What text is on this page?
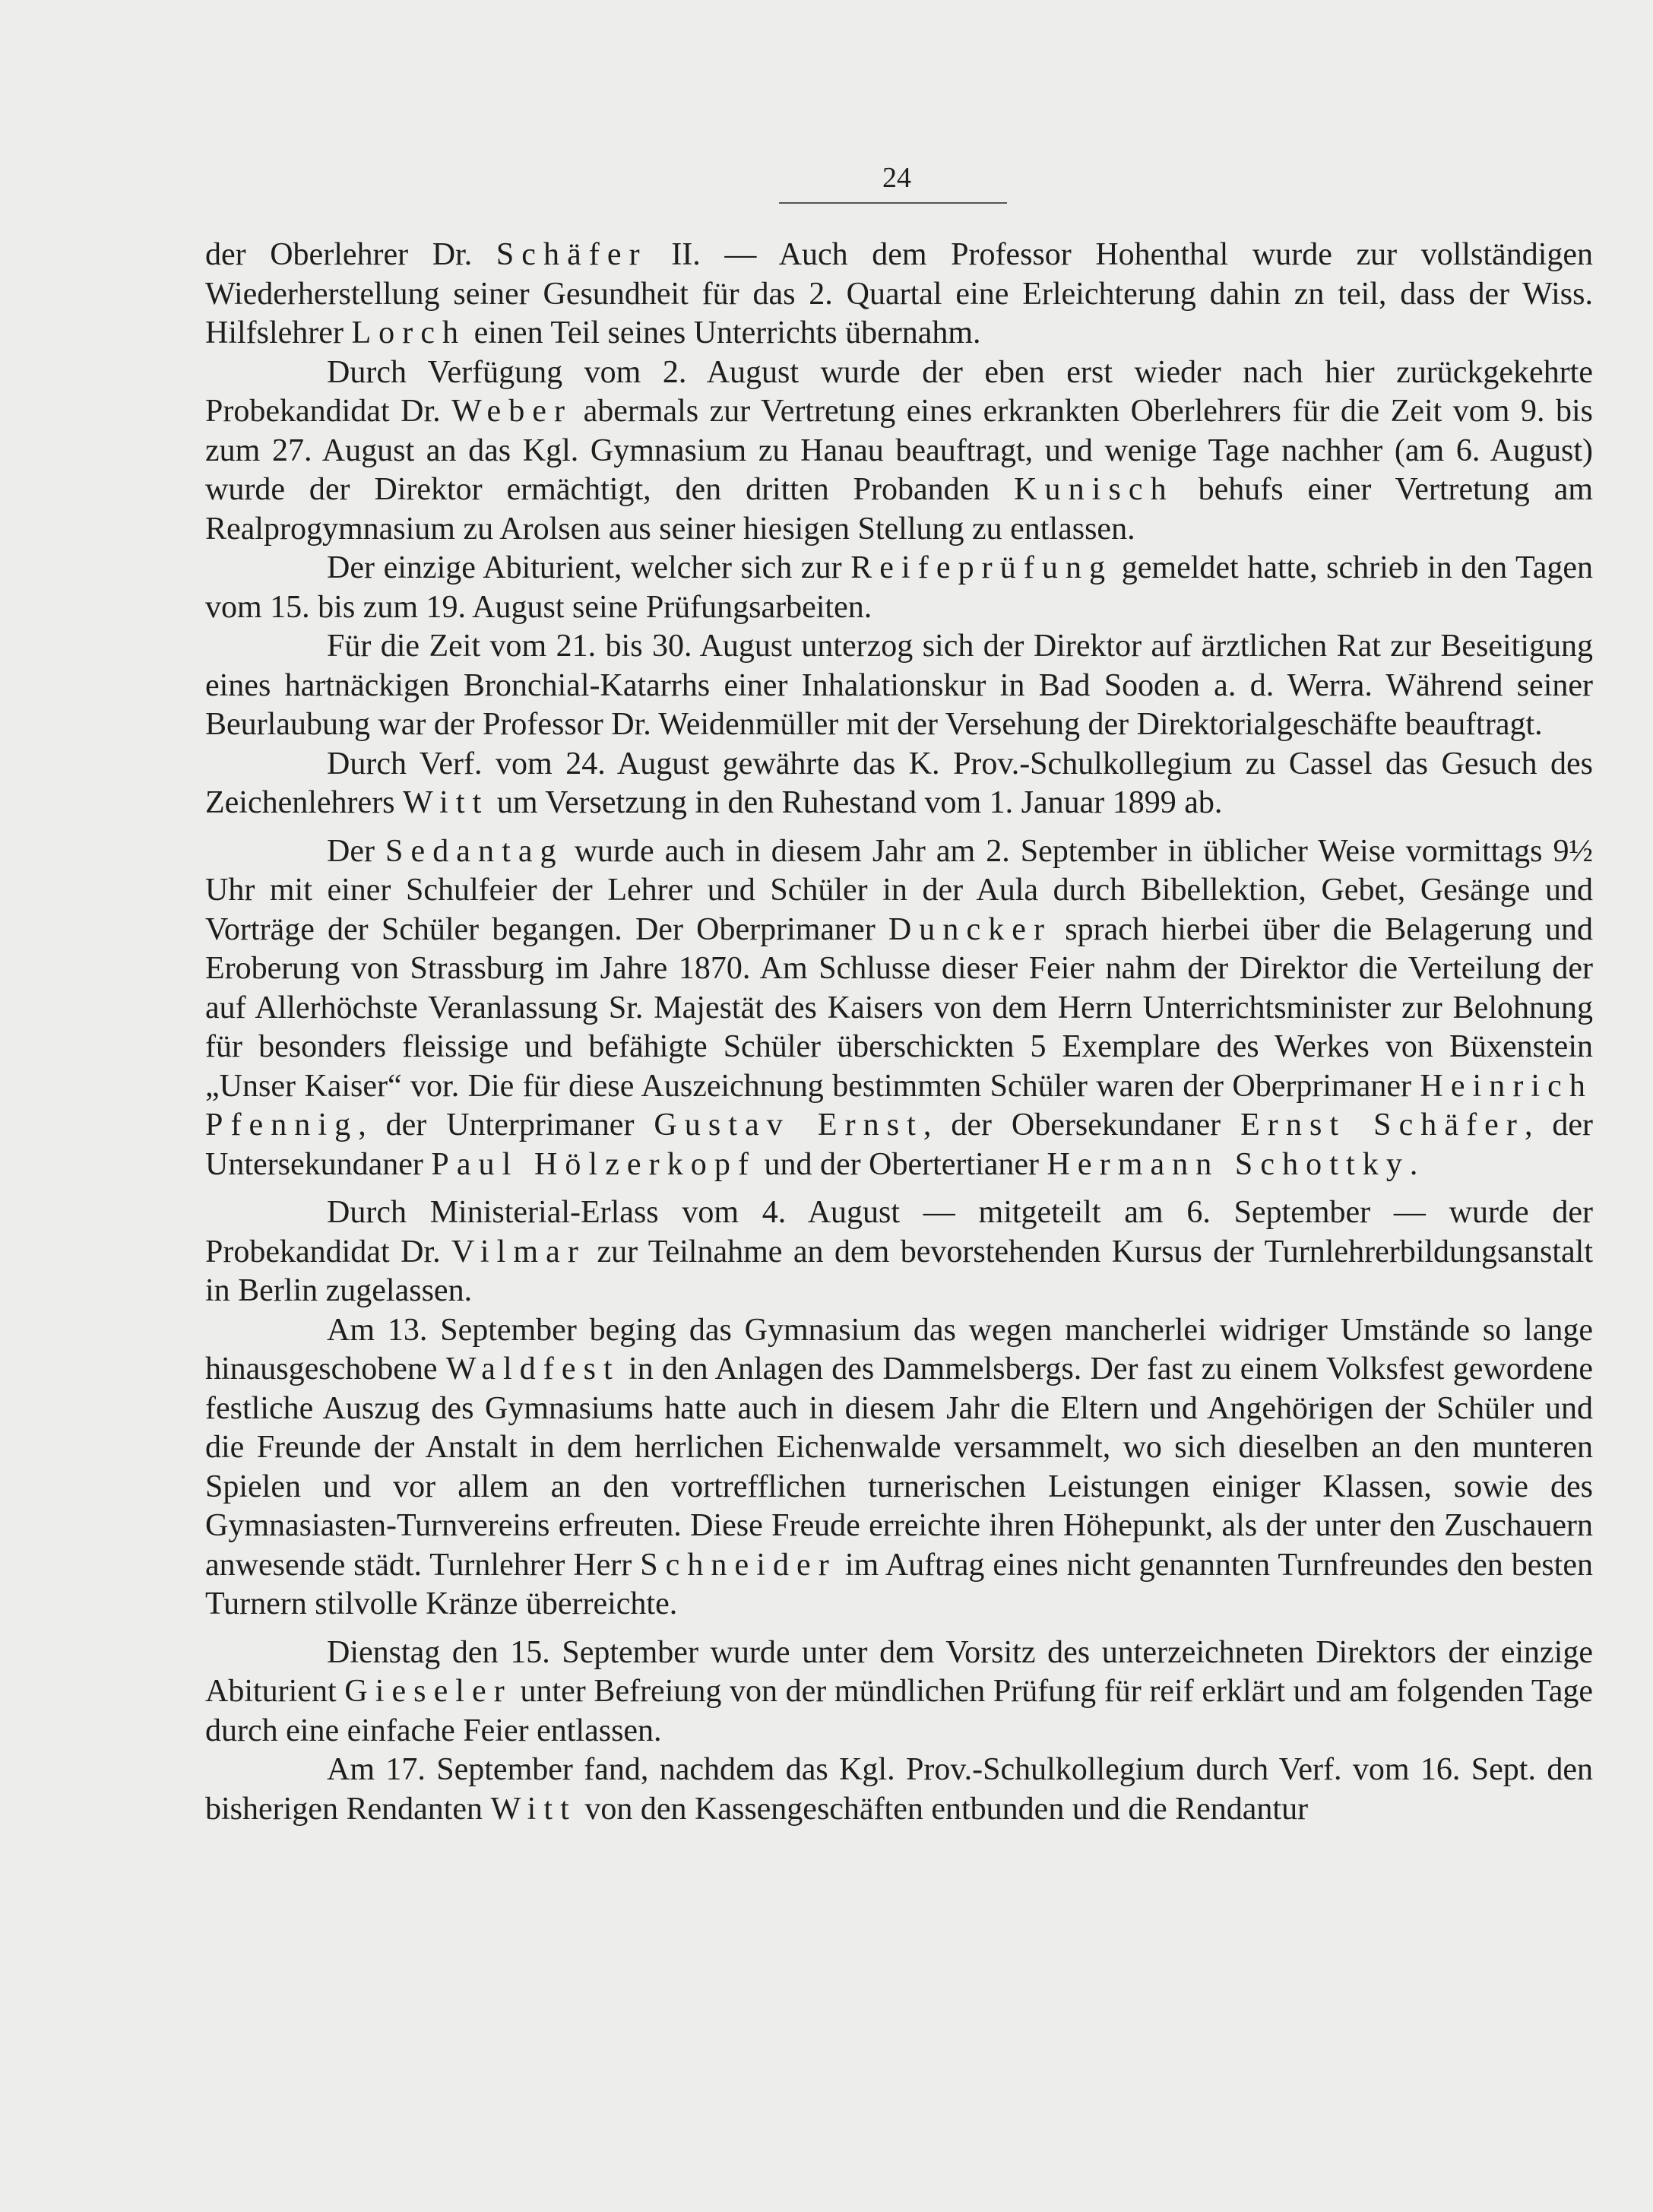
24

der Oberlehrer Dr. Schäfer II. — Auch dem Professor Hohenthal wurde zur vollständigen Wiederherstellung seiner Gesundheit für das 2. Quartal eine Erleichterung dahin zn teil, dass der Wiss. Hilfslehrer Lorch einen Teil seines Unterrichts übernahm.

Durch Verfügung vom 2. August wurde der eben erst wieder nach hier zurückgekehrte Probekandidat Dr. Weber abermals zur Vertretung eines erkrankten Oberlehrers für die Zeit vom 9. bis zum 27. August an das Kgl. Gymnasium zu Hanau beauftragt, und wenige Tage nachher (am 6. August) wurde der Direktor ermächtigt, den dritten Probanden Kunisch behufs einer Vertretung am Realprogymnasium zu Arolsen aus seiner hiesigen Stellung zu entlassen.

Der einzige Abiturient, welcher sich zur Reifeprüfung gemeldet hatte, schrieb in den Tagen vom 15. bis zum 19. August seine Prüfungsarbeiten.

Für die Zeit vom 21. bis 30. August unterzog sich der Direktor auf ärztlichen Rat zur Beseitigung eines hartnäckigen Bronchial-Katarrhs einer Inhalationskur in Bad Sooden a. d. Werra. Während seiner Beurlaubung war der Professor Dr. Weidenmüller mit der Versehung der Direktorialgeschäfte beauftragt.

Durch Verf. vom 24. August gewährte das K. Prov.-Schulkollegium zu Cassel das Gesuch des Zeichenlehrers Witt um Versetzung in den Ruhestand vom 1. Januar 1899 ab.

Der Sedantag wurde auch in diesem Jahr am 2. September in üblicher Weise vormittags 9½ Uhr mit einer Schulfeier der Lehrer und Schüler in der Aula durch Bibellektion, Gebet, Gesänge und Vorträge der Schüler begangen. Der Oberprimaner Duncker sprach hierbei über die Belagerung und Eroberung von Strassburg im Jahre 1870. Am Schlusse dieser Feier nahm der Direktor die Verteilung der auf Allerhöchste Veranlassung Sr. Majestät des Kaisers von dem Herrn Unterrichtsminister zur Belohnung für besonders fleissige und befähigte Schüler überschickten 5 Exemplare des Werkes von Büxenstein „Unser Kaiser“ vor. Die für diese Auszeichnung bestimmten Schüler waren der Oberprimaner Heinrich Pfennig, der Unterprimaner Gustav Ernst, der Obersekundaner Ernst Schäfer, der Untersekundaner Paul Hölzerkopf und der Obertertianer Hermann Schottky.

Durch Ministerial-Erlass vom 4. August — mitgeteilt am 6. September — wurde der Probekandidat Dr. Vilmar zur Teilnahme an dem bevorstehenden Kursus der Turnlehrerbildungsanstalt in Berlin zugelassen.

Am 13. September beging das Gymnasium das wegen mancherlei widriger Umstände so lange hinausgeschobene Waldfest in den Anlagen des Dammelsbergs. Der fast zu einem Volksfest gewordene festliche Auszug des Gymnasiums hatte auch in diesem Jahr die Eltern und Angehörigen der Schüler und die Freunde der Anstalt in dem herrlichen Eichenwalde versammelt, wo sich dieselben an den munteren Spielen und vor allem an den vortrefflichen turnerischen Leistungen einiger Klassen, sowie des Gymnasiasten-Turnvereins erfreuten. Diese Freude erreichte ihren Höhepunkt, als der unter den Zuschauern anwesende städt. Turnlehrer Herr Schneider im Auftrag eines nicht genannten Turnfreundes den besten Turnern stilvolle Kränze überreichte.

Dienstag den 15. September wurde unter dem Vorsitz des unterzeichneten Direktors der einzige Abiturient Gieseler unter Befreiung von der mündlichen Prüfung für reif erklärt und am folgenden Tage durch eine einfache Feier entlassen.

Am 17. September fand, nachdem das Kgl. Prov.-Schulkollegium durch Verf. vom 16. Sept. den bisherigen Rendanten Witt von den Kassengeschäften entbunden und die Rendantur
